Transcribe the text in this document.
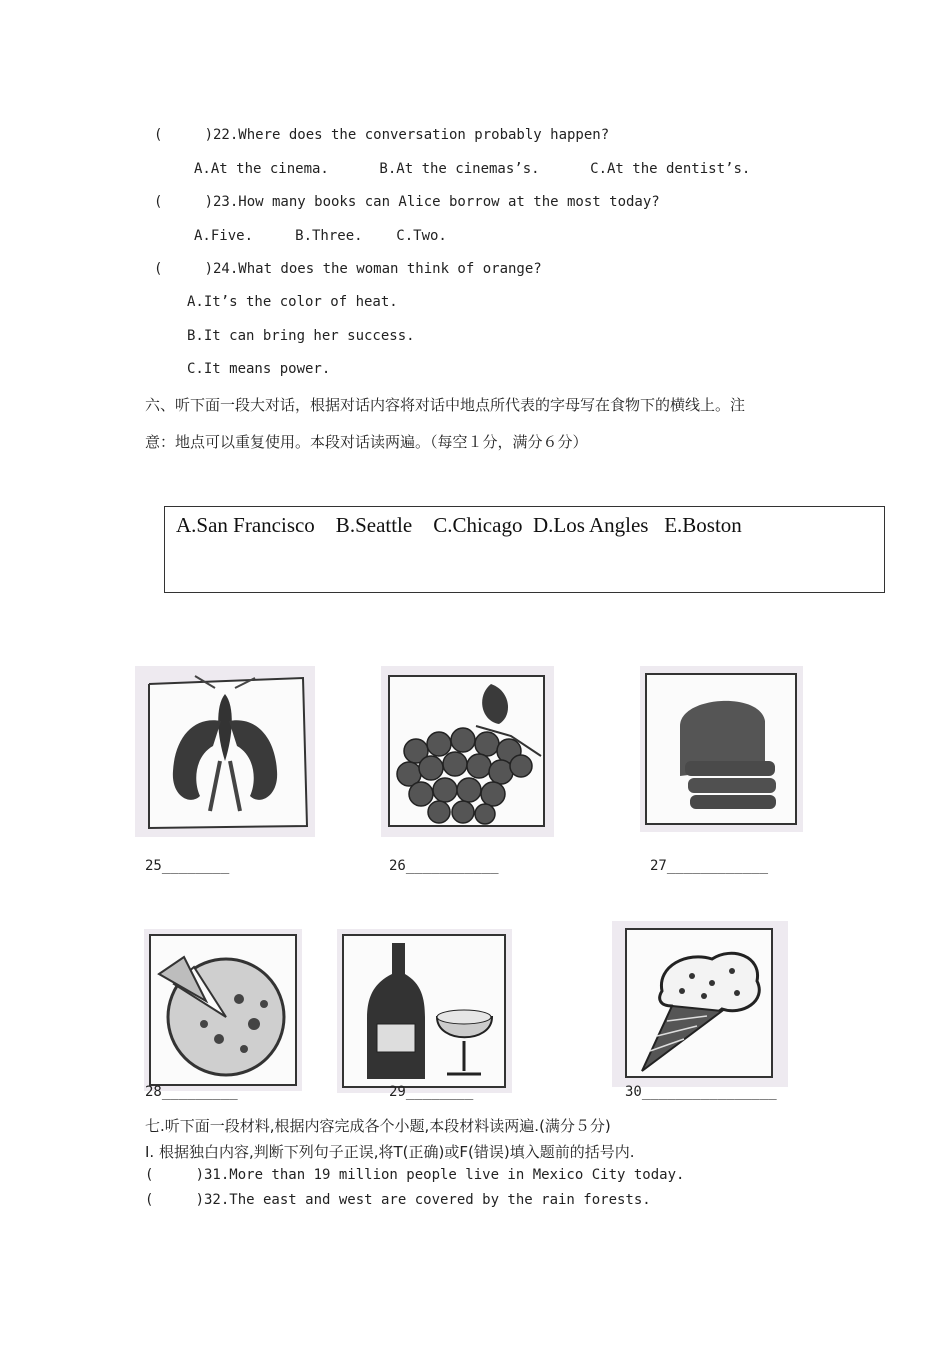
(     )22.Where does the conversation probably happen?
A.At the cinema.      B.At the cinemas’s.      C.At the dentist’s.
(     )23.How many books can Alice borrow at the most today?
A.Five.     B.Three.    C.Two.
(     )24.What does the woman think of orange?
A.It’s the color of heat.
B.It can bring her success.
C.It means power.
六、听下面一段大对话，根据对话内容将对话中地点所代表的字母写在食物下的横线上。注
意：地点可以重复使用。本段对话读两遍。（每空１分，满分６分）
A.San Francisco    B.Seattle    C.Chicago  D.Los Angles   E.Boston
25________	26___________	27____________
28_________	29________	30________________
七.听下面一段材料,根据内容完成各个小题,本段材料读两遍.(满分５分)
I. 根据独白内容,判断下列句子正误,将T(正确)或F(错误)填入题前的括号内.
(     )31.More than 19 million people live in Mexico City today.
(     )32.The east and west are covered by the rain forests.
